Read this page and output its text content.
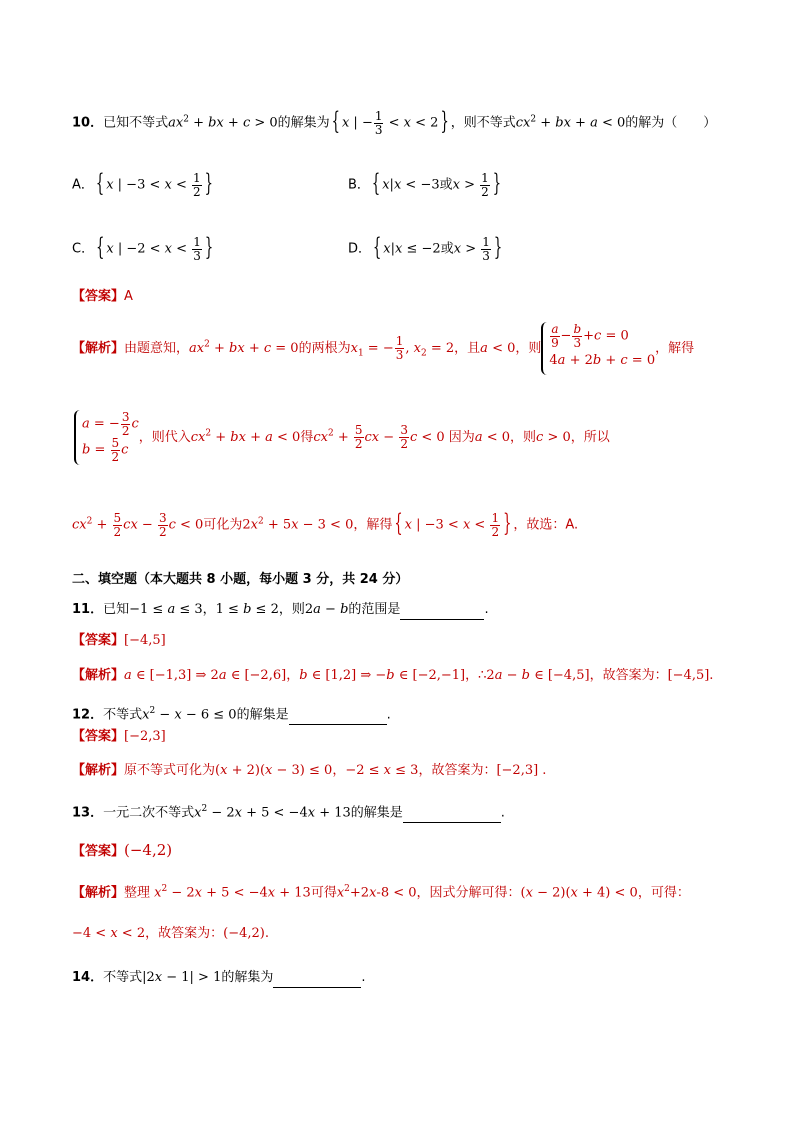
10．已知不等式$ax^2$ + bx + c > 0的解集为 { x | − $\frac{1}{3} < x < 2$ } ，则不等式$cx^2$ + bx + a < 0的解为（　　）
A． { x | $-3 < x < \frac{1}{2}$ }	B． { x|x < −3或$x > \frac{1}{2}$ }
C． { x | $-2 < x < \frac{1}{3}$ }	D． { x|x ≤ −2或$x > \frac{1}{3}$ }
【答案】A
【解析】由题意知，$ax^2$ + bx + c = 0的两根为$x_1$ = − $\frac{1}{3}$ , $x_2 = 2$，且a < 0，则 $\frac{a}{9} - \frac{b}{3} +c = 0$
4a + 2b + c = 0
，解得
a = − $\frac{3}{2}$ c
$b = \frac{5}{2}$ c
，则代入$cx^2$ + bx + a < 0得$cx^2 + \frac{5}{2}$ cx − $\frac{3}{2}$ c < 0 因为a < 0，则c > 0，所以
$cx^2 + \frac{5}{2}$ cx − $\frac{3}{2}$ c < 0可化为$2x^2 + 5x - 3 < 0$，解得 { x | $-3 < x < \frac{1}{2}$ } ，故选：A.
二、填空题（本大题共 8 小题，每小题 3 分，共 24 分）
11．已知−1 ≤ a ≤ 3，1 ≤ b ≤ 2，则2a − b的范围是	.
【答案】[−4,5]
【解析】a ∈ [−1,3] ⇒ 2a ∈ [−2,6]，b ∈ [1,2] ⇒ −b ∈ [−2,−1]，∴2a − b ∈ [−4,5]，故答案为：[−4,5].
12．不等式$x^2 - x - 6 \le 0$的解集是	.
【答案】[−2,3]
【解析】原不等式可化为(x + 2)(x − 3) ≤ 0，−2 ≤ x ≤ 3，故答案为：[−2,3] .
13．一元二次不等式$x^2 - 2x + 5 < -4x + 13$的解集是	.
【答案】(−4,2)
【解析】整理 $x^2 - 2x + 5 < -4x + 13$可得$x^2+2x-8 < 0$，因式分解可得：(x − 2)(x + 4) < 0，可得：
−4 < x < 2，故答案为：(−4,2).
14．不等式|2x − 1| > 1的解集为	.
